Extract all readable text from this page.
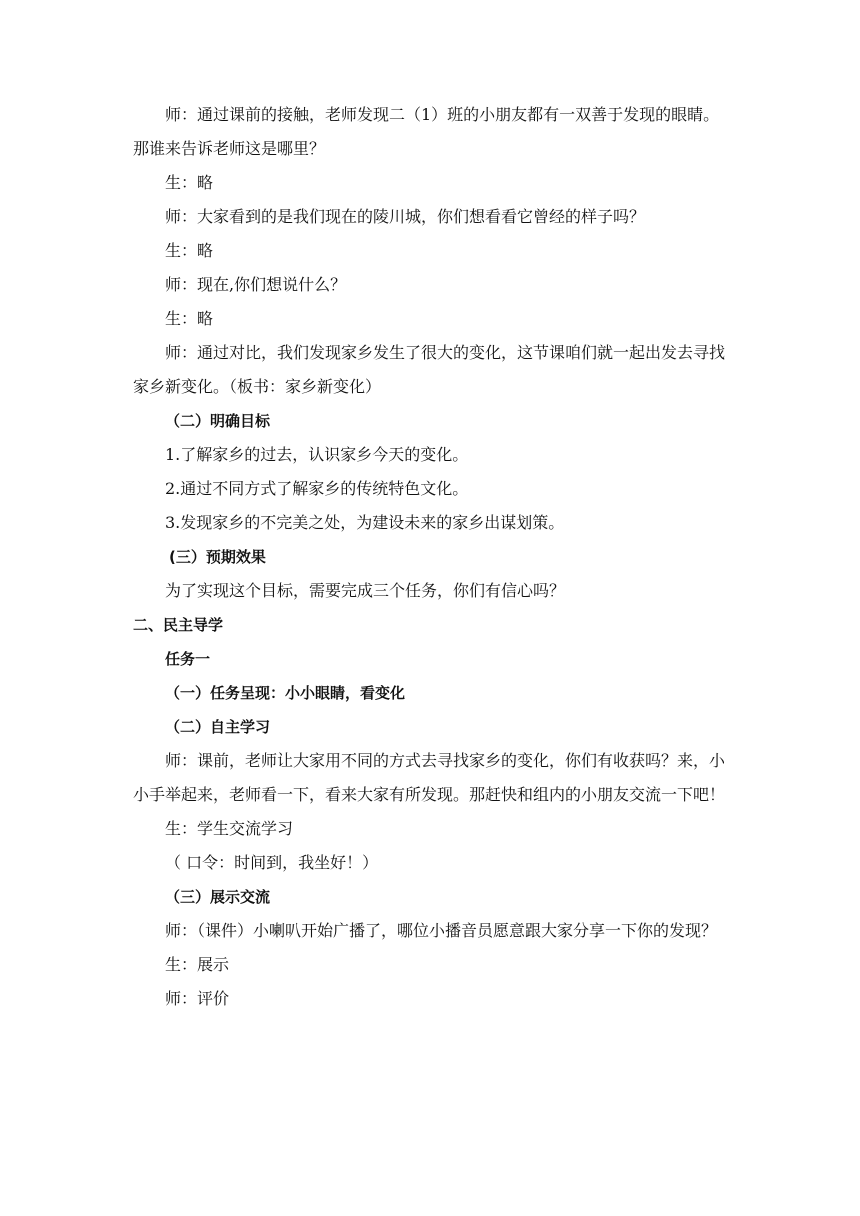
师：通过课前的接触，老师发现二（1）班的小朋友都有一双善于发现的眼睛。那谁来告诉老师这是哪里？

生：略

师：大家看到的是我们现在的陵川城，你们想看看它曾经的样子吗？

生：略

师：现在,你们想说什么？

生：略

师：通过对比，我们发现家乡发生了很大的变化，这节课咱们就一起出发去寻找家乡新变化。（板书：家乡新变化）

（二）明确目标

1.了解家乡的过去，认识家乡今天的变化。

2.通过不同方式了解家乡的传统特色文化。

3.发现家乡的不完美之处，为建设未来的家乡出谋划策。

(三）预期效果

为了实现这个目标，需要完成三个任务，你们有信心吗？

二、民主导学

任务一

（一）任务呈现：小小眼睛，看变化

（二）自主学习

师：课前，老师让大家用不同的方式去寻找家乡的变化，你们有收获吗？来，小小手举起来，老师看一下，看来大家有所发现。那赶快和组内的小朋友交流一下吧！

生：学生交流学习

（ 口令：时间到，我坐好！）

（三）展示交流

师：（课件）小喇叭开始广播了，哪位小播音员愿意跟大家分享一下你的发现？

生：展示

师：评价
